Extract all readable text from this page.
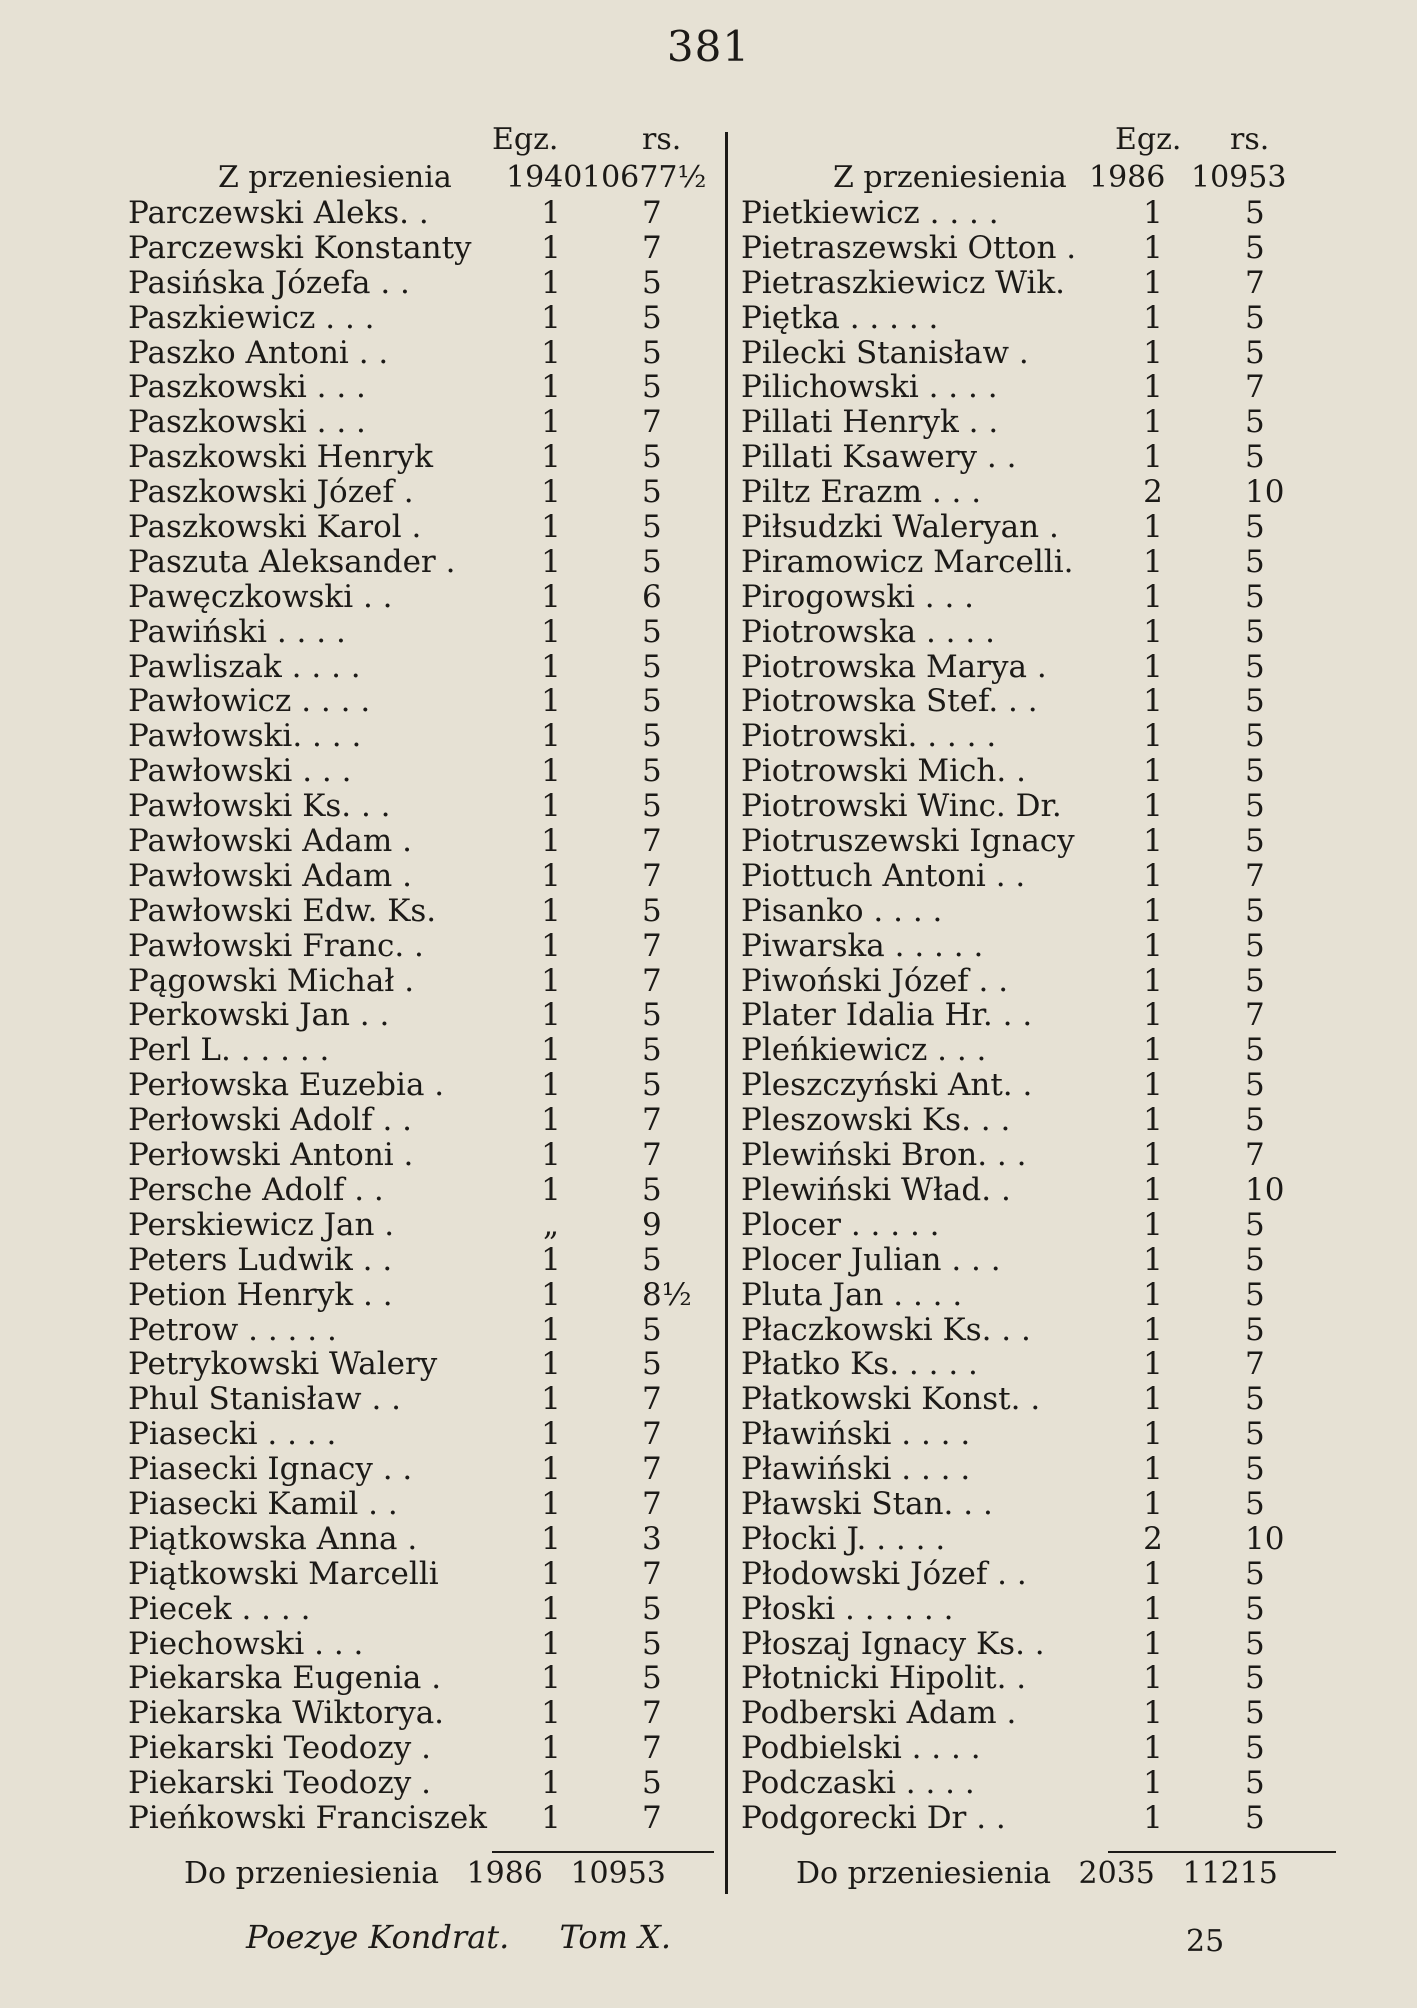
381
Egz.	rs.
Z przeniesienia 1940 10677½
Parczewski Aleks. .	1	7
Parczewski Konstanty	1	7
Pasińska Józefa . .	1	5
Paszkiewicz . . .	1	5
Paszko Antoni . .	1	5
Paszkowski . . .	1	5
Paszkowski . . .	1	7
Paszkowski Henryk	1	5
Paszkowski Józef .	1	5
Paszkowski Karol .	1	5
Paszuta Aleksander .	1	5
Pawęczkowski . .	1	6
Pawiński . . . .	1	5
Pawliszak . . . .	1	5
Pawłowicz . . . .	1	5
Pawłowski. . . .	1	5
Pawłowski . . .	1	5
Pawłowski Ks. . .	1	5
Pawłowski Adam .	1	7
Pawłowski Adam .	1	7
Pawłowski Edw. Ks.	1	5
Pawłowski Franc. .	1	7
Pągowski Michał .	1	7
Perkowski Jan . .	1	5
Perl L. . . . . .	1	5
Perłowska Euzebia .	1	5
Perłowski Adolf . .	1	7
Perłowski Antoni .	1	7
Persche Adolf . .	1	5
Perskiewicz Jan .	„	9
Peters Ludwik . .	1	5
Petion Henryk . .	1	8½
Petrow . . . . .	1	5
Petrykowski Walery	1	5
Phul Stanisław . .	1	7
Piasecki . . . .	1	7
Piasecki Ignacy . .	1	7
Piasecki Kamil . .	1	7
Piątkowska Anna .	1	3
Piątkowski Marcelli	1	7
Piecek . . . .	1	5
Piechowski . . .	1	5
Piekarska Eugenia .	1	5
Piekarska Wiktorya.	1	7
Piekarski Teodozy .	1	7
Piekarski Teodozy .	1	5
Pieńkowski Franciszek	1	7
Egz. rs.
Z przeniesienia 1986 10953
Pietkiewicz . . . .	1	5
Pietraszewski Otton .	1	5
Pietraszkiewicz Wik.	1	7
Piętka . . . . .	1	5
Pilecki Stanisław .	1	5
Pilichowski . . . .	1	7
Pillati Henryk . .	1	5
Pillati Ksawery . .	1	5
Piltz Erazm . . .	2	10
Piłsudzki Waleryan .	1	5
Piramowicz Marcelli.	1	5
Pirogowski . . .	1	5
Piotrowska . . . .	1	5
Piotrowska Marya .	1	5
Piotrowska Stef. . .	1	5
Piotrowski. . . . .	1	5
Piotrowski Mich. .	1	5
Piotrowski Winc. Dr.	1	5
Piotruszewski Ignacy	1	5
Piottuch Antoni . .	1	7
Pisanko . . . .	1	5
Piwarska . . . . .	1	5
Piwoński Józef . .	1	5
Plater Idalia Hr. . .	1	7
Pleńkiewicz . . .	1	5
Pleszczyński Ant. .	1	5
Pleszowski Ks. . .	1	5
Plewiński Bron. . .	1	7
Plewiński Wład. .	1	10
Plocer . . . . .	1	5
Plocer Julian . . .	1	5
Pluta Jan . . . .	1	5
Płaczkowski Ks. . .	1	5
Płatko Ks. . . . .	1	7
Płatkowski Konst. .	1	5
Pławiński . . . .	1	5
Pławiński . . . .	1	5
Pławski Stan. . .	1	5
Płocki J. . . . .	2	10
Płodowski Józef . .	1	5
Płoski . . . . . .	1	5
Płoszaj Ignacy Ks. .	1	5
Płotnicki Hipolit. .	1	5
Podberski Adam .	1	5
Podbielski . . . .	1	5
Podczaski . . . .	1	5
Podgorecki Dr . .	1	5
Do przeniesienia 1986 10953	Do przeniesienia 2035 11215
Poezye Kondrat. Tom X.	25
